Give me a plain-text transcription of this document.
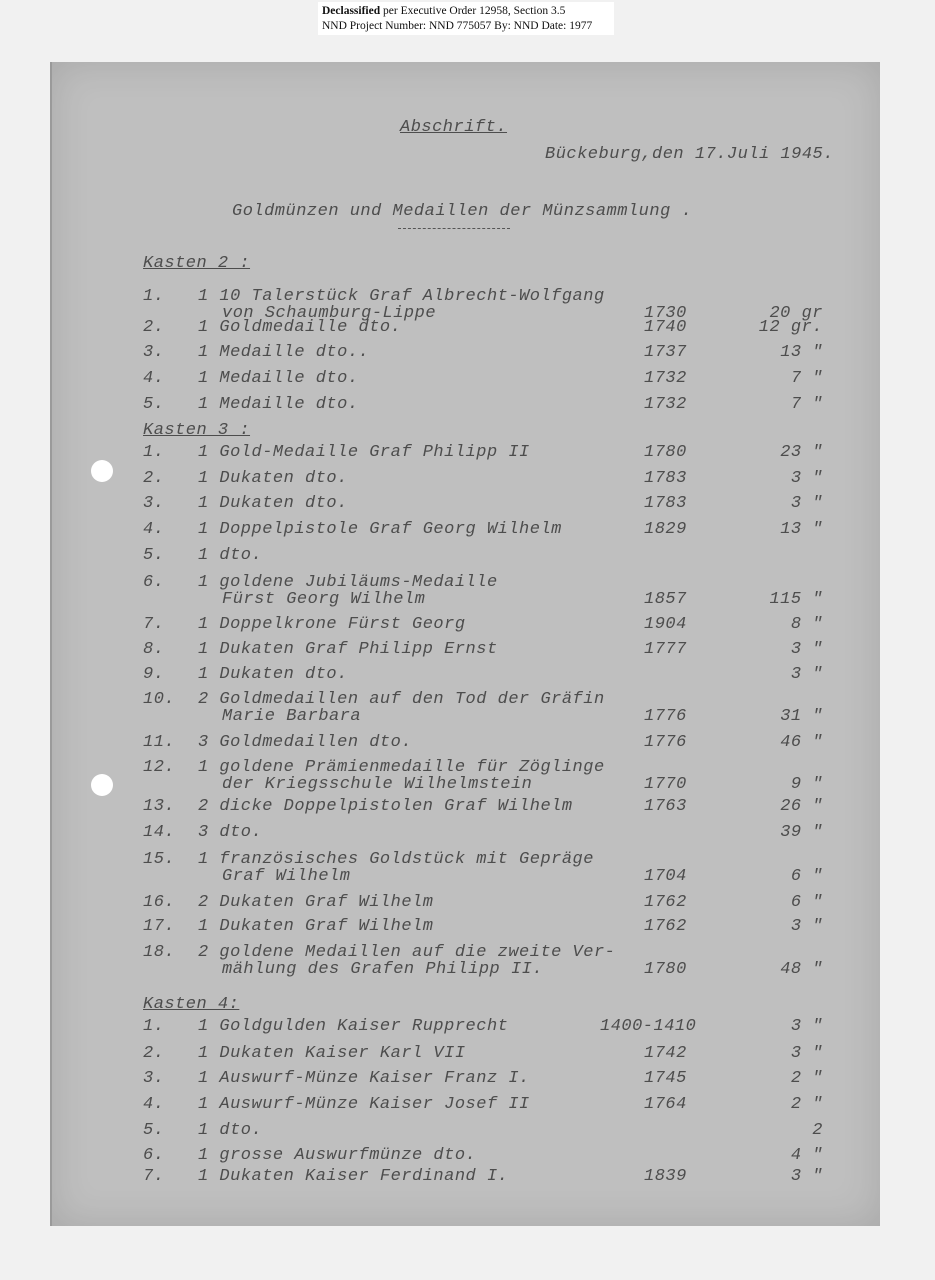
Declassified per Executive Order 12958, Section 3.5
NND Project Number: NND 775057 By: NND Date: 1977
Abschrift.
Bückeburg,den 17.Juli 1945.
Goldmünzen und Medaillen der Münzsammlung .
Kasten 2 :
1. 1 10 Talerstück Graf Albrecht-Wolfgang
von Schaumburg-Lippe	1730	20 gr
2. 1 Goldmedaille dto.	1740	12 gr.
3. 1 Medaille dto..	1737	13 "
4. 1 Medaille dto.	1732	7 "
5. 1 Medaille dto.	1732	7 "
Kasten 3 :
1. 1 Gold-Medaille Graf Philipp II	1780	23 "
2. 1 Dukaten dto.	1783	3 "
3. 1 Dukaten dto.	1783	3 "
4. 1 Doppelpistole Graf Georg Wilhelm	1829	13 "
5. 1 dto.
6. 1 goldene Jubiläums-Medaille
Fürst Georg Wilhelm	1857	115 "
7. 1 Doppelkrone Fürst Georg	1904	8 "
8. 1 Dukaten Graf Philipp Ernst	1777	3 "
9. 1 Dukaten dto.	3 "
10. 2 Goldmedaillen auf den Tod der Gräfin
Marie Barbara	1776	31 "
11. 3 Goldmedaillen dto.	1776	46 "
12. 1 goldene Prämienmedaille für Zöglinge
der Kriegsschule Wilhelmstein	1770	9 "
13. 2 dicke Doppelpistolen Graf Wilhelm	1763	26 "
14. 3 dto.	39 "
15. 1 französisches Goldstück mit Gepräge
Graf Wilhelm	1704	6 "
16. 2 Dukaten Graf Wilhelm	1762	6 "
17. 1 Dukaten Graf Wilhelm	1762	3 "
18. 2 goldene Medaillen auf die zweite Ver-
mählung des Grafen Philipp II.	1780	48 "
Kasten 4:
1. 1 Goldgulden Kaiser Rupprecht	1400-1410	3 "
2. 1 Dukaten Kaiser Karl VII	1742	3 "
3. 1 Auswurf-Münze Kaiser Franz I.	1745	2 "
4. 1 Auswurf-Münze Kaiser Josef II	1764	2 "
5. 1 dto.	2
6. 1 grosse Auswurfmünze dto.	4 "
7. 1 Dukaten Kaiser Ferdinand I.	1839	3 "
